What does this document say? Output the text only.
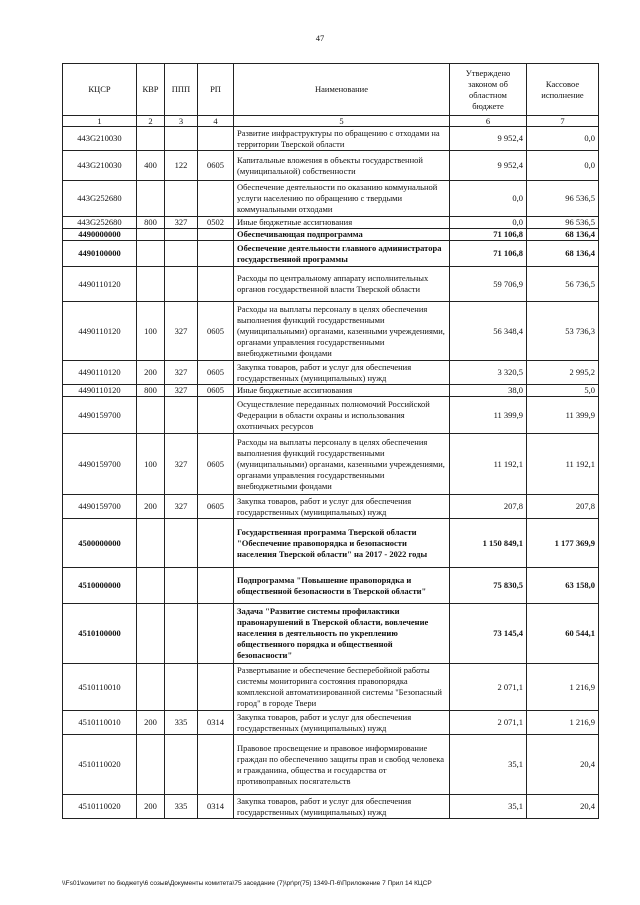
47
КЦСР	КВР	ППП	РП	Наименование	Утверждено законом об областном бюджете	Кассовое исполнение
1	2	3	4	5	6	7
443G210030				Развитие инфраструктуры по обращению с отходами на территории Тверской области	9 952,4	0,0
443G210030	400	122	0605	Капитальные вложения в объекты государственной (муниципальной) собственности	9 952,4	0,0
443G252680				Обеспечение деятельности по оказанию коммунальной услуги населению по обращению с твердыми коммунальными отходами	0,0	96 536,5
443G252680	800	327	0502	Иные бюджетные ассигнования	0,0	96 536,5
4490000000				Обеспечивающая подпрограмма	71 106,8	68 136,4
4490100000				Обеспечение деятельности главного администратора государственной программы	71 106,8	68 136,4
4490110120				Расходы по центральному аппарату исполнительных органов государственной власти Тверской области	59 706,9	56 736,5
4490110120	100	327	0605	Расходы на выплаты персоналу в целях обеспечения выполнения функций государственными (муниципальными) органами, казенными учреждениями, органами управления государственными внебюджетными фондами	56 348,4	53 736,3
4490110120	200	327	0605	Закупка товаров, работ и услуг для обеспечения государственных (муниципальных) нужд	3 320,5	2 995,2
4490110120	800	327	0605	Иные бюджетные ассигнования	38,0	5,0
4490159700				Осуществление переданных полномочий Российской Федерации в области охраны и использования охотничьих ресурсов	11 399,9	11 399,9
4490159700	100	327	0605	Расходы на выплаты персоналу в целях обеспечения выполнения функций государственными (муниципальными) органами, казенными учреждениями, органами управления государственными внебюджетными фондами	11 192,1	11 192,1
4490159700	200	327	0605	Закупка товаров, работ и услуг для обеспечения государственных (муниципальных) нужд	207,8	207,8
4500000000				Государственная программа Тверской области "Обеспечение правопорядка и безопасности населения Тверской области" на 2017 - 2022 годы	1 150 849,1	1 177 369,9
4510000000				Подпрограмма "Повышение правопорядка и общественной безопасности в Тверской области"	75 830,5	63 158,0
4510100000				Задача "Развитие системы профилактики правонарушений в Тверской области, вовлечение населения в деятельность по укреплению общественного порядка и общественной безопасности"	73 145,4	60 544,1
4510110010				Развертывание и обеспечение бесперебойной работы системы мониторинга состояния правопорядка комплексной автоматизированной системы "Безопасный город" в городе Твери	2 071,1	1 216,9
4510110010	200	335	0314	Закупка товаров, работ и услуг для обеспечения государственных (муниципальных) нужд	2 071,1	1 216,9
4510110020				Правовое просвещение и правовое информирование граждан по обеспечению защиты прав и свобод человека и гражданина, общества и государства от противоправных посягательств	35,1	20,4
4510110020	200	335	0314	Закупка товаров, работ и услуг для обеспечения государственных (муниципальных) нужд	35,1	20,4
\\Fs01\комитет по бюджету\6 созыв\Документы комитета\75 заседание (7)\pr\pr(75) 1349-П-6\Приложение 7 Прил 14 КЦСР
